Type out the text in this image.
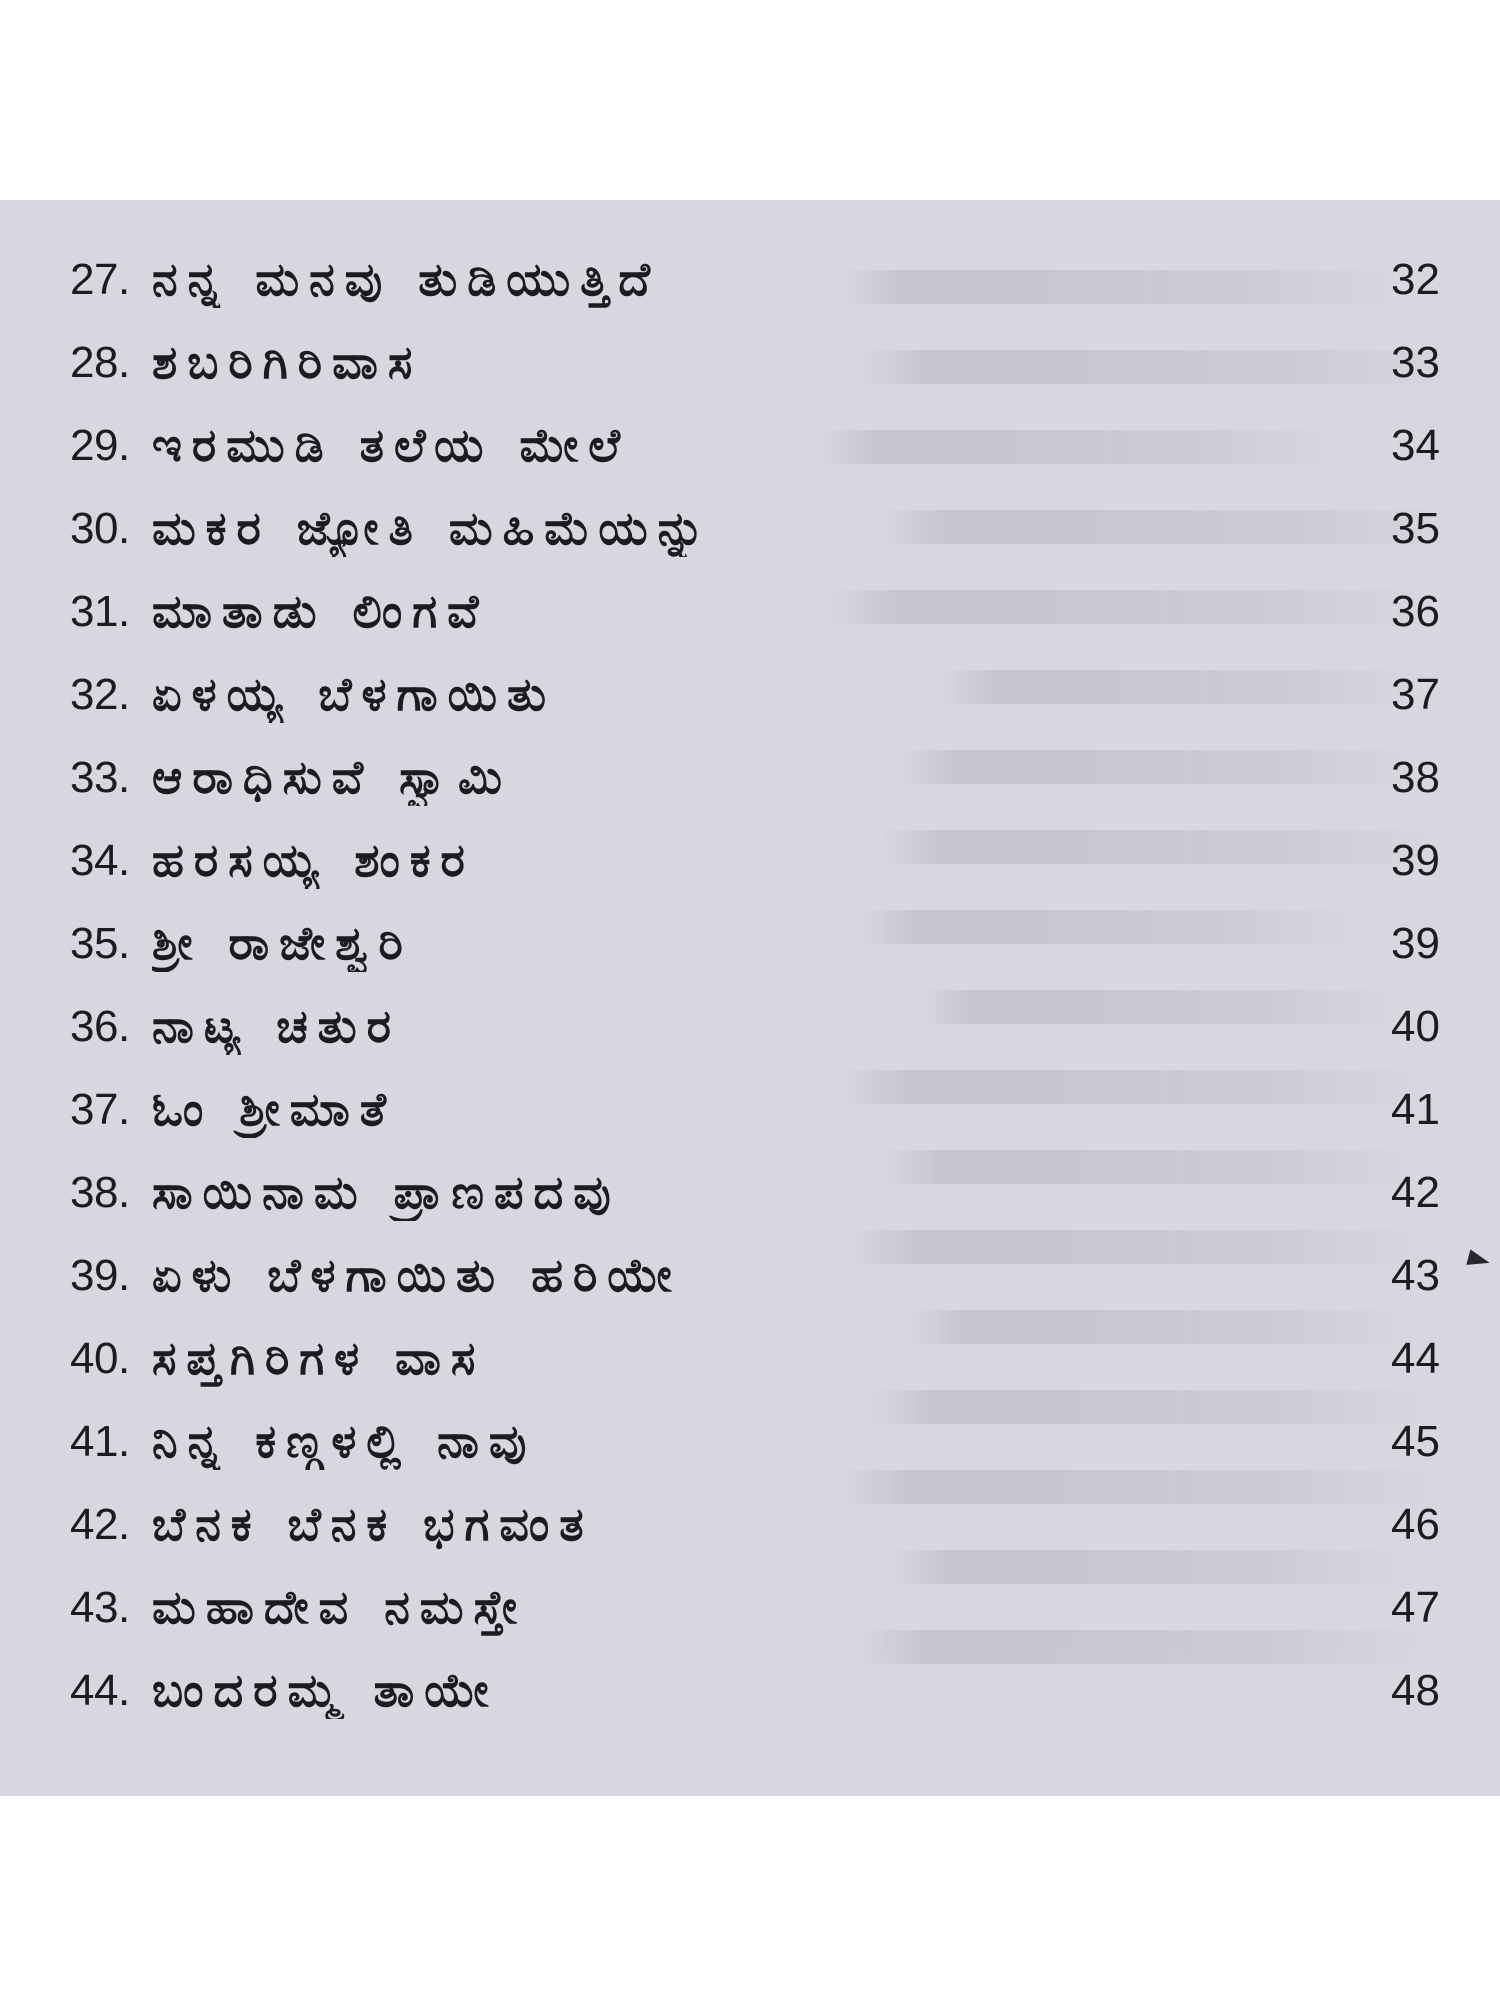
27. ನನ್ನ ಮನವು ತುಡಿಯುತ್ತಿದೆ	32
28. ಶಬರಿಗಿರಿವಾಸ	33
29. ಇರಮುಡಿ ತಲೆಯ ಮೇಲೆ	34
30. ಮಕರ ಜ್ಯೋತಿ ಮಹಿಮೆಯನ್ನು	35
31. ಮಾತಾಡು ಲಿಂಗವೆ	36
32. ಏಳಯ್ಯ ಬೆಳಗಾಯಿತು	37
33. ಆರಾಧಿಸುವೆ ಸ್ವಾಮಿ	38
34. ಹರಸಯ್ಯ ಶಂಕರ	39
35. ಶ್ರೀ ರಾಜೇಶ್ವರಿ	39
36. ನಾಟ್ಯ ಚತುರ	40
37. ಓಂ ಶ್ರೀಮಾತೆ	41
38. ಸಾಯಿನಾಮ ಪ್ರಾಣಪದವು	42
39. ಏಳು ಬೆಳಗಾಯಿತು ಹರಿಯೇ	43
40. ಸಪ್ತಗಿರಿಗಳ ವಾಸ	44
41. ನಿನ್ನ ಕಣ್ಗಳಲ್ಲಿ ನಾವು	45
42. ಬೆನಕ ಬೆನಕ ಭಗವಂತ	46
43. ಮಹಾದೇವ ನಮಸ್ತೇ	47
44. ಬಂದರಮ್ಮ ತಾಯೇ	48
